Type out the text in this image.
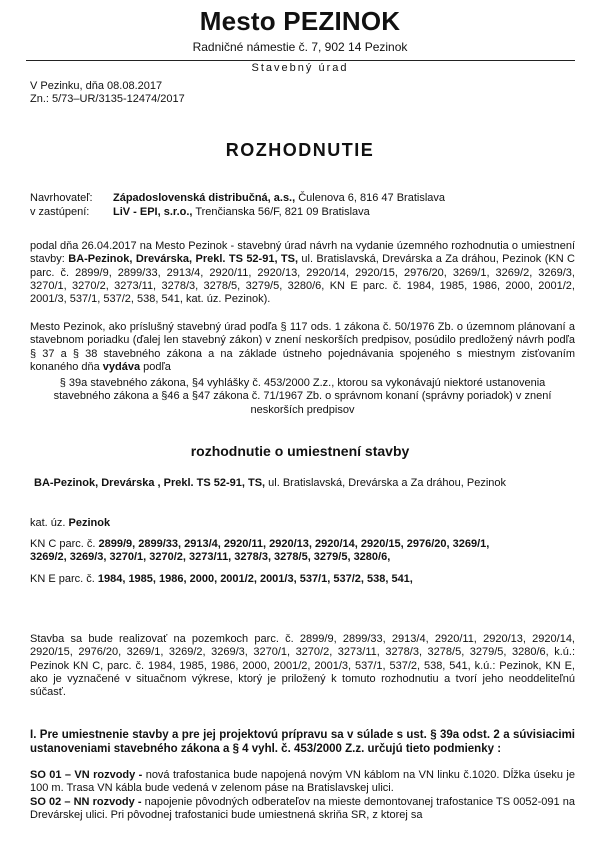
Mesto PEZINOK
Radničné námestie č. 7, 902 14 Pezinok
Stavebný úrad
V Pezinku, dňa 08.08.2017
Zn.: 5/73–UR/3135-12474/2017
ROZHODNUTIE
Navrhovateľ: Západoslovenská distribučná, a.s., Čulenova 6, 816 47 Bratislava
v zastúpení: LiV - EPI, s.r.o., Trenčianska 56/F, 821 09 Bratislava
podal dňa 26.04.2017 na Mesto Pezinok - stavebný úrad návrh na vydanie územného rozhodnutia o umiestnení stavby: BA-Pezinok, Drevárska, Prekl. TS 52-91, TS, ul. Bratislavská, Drevárska a Za dráhou, Pezinok (KN C parc. č. 2899/9, 2899/33, 2913/4, 2920/11, 2920/13, 2920/14, 2920/15, 2976/20, 3269/1, 3269/2, 3269/3, 3270/1, 3270/2, 3273/11, 3278/3, 3278/5, 3279/5, 3280/6, KN E parc. č. 1984, 1985, 1986, 2000, 2001/2, 2001/3, 537/1, 537/2, 538, 541, kat. úz. Pezinok).
Mesto Pezinok, ako príslušný stavebný úrad podľa § 117 ods. 1 zákona č. 50/1976 Zb. o územnom plánovaní a stavebnom poriadku (ďalej len stavebný zákon) v znení neskorších predpisov, posúdilo predložený návrh podľa § 37 a § 38 stavebného zákona a na základe ústneho pojednávania spojeného s miestnym zisťovaním konaného dňa vydáva podľa
§ 39a stavebného zákona, §4 vyhlášky č. 453/2000 Z.z., ktorou sa vykonávajú niektoré ustanovenia stavebného zákona a §46 a §47 zákona č. 71/1967 Zb. o správnom konaní (správny poriadok) v znení neskorších predpisov
rozhodnutie o umiestnení stavby
BA-Pezinok, Drevárska , Prekl. TS 52-91, TS, ul. Bratislavská, Drevárska a Za dráhou, Pezinok
kat. úz. Pezinok
KN C parc. č. 2899/9, 2899/33, 2913/4, 2920/11, 2920/13, 2920/14, 2920/15, 2976/20, 3269/1,
3269/2, 3269/3, 3270/1, 3270/2, 3273/11, 3278/3, 3278/5, 3279/5, 3280/6,
KN E parc. č. 1984, 1985, 1986, 2000, 2001/2, 2001/3, 537/1, 537/2, 538, 541,
Stavba sa bude realizovať na pozemkoch parc. č. 2899/9, 2899/33, 2913/4, 2920/11, 2920/13, 2920/14, 2920/15, 2976/20, 3269/1, 3269/2, 3269/3, 3270/1, 3270/2, 3273/11, 3278/3, 3278/5, 3279/5, 3280/6, k.ú.: Pezinok KN C, parc. č. 1984, 1985, 1986, 2000, 2001/2, 2001/3, 537/1, 537/2, 538, 541, k.ú.: Pezinok, KN E, ako je vyznačené v situačnom výkrese, ktorý je priložený k tomuto rozhodnutiu a tvorí jeho neoddeliteľnú súčasť.
I. Pre umiestnenie stavby a pre jej projektovú prípravu sa v súlade s ust. § 39a odst. 2 a súvisiacimi ustanoveniami stavebného zákona a § 4 vyhl. č. 453/2000 Z.z. určujú tieto podmienky :
SO 01 – VN rozvody - nová trafostanica bude napojená novým VN káblom na VN linku č.1020. Dĺžka úseku je 100 m. Trasa VN kábla bude vedená v zelenom páse na Bratislavskej ulici.
SO 02 – NN rozvody - napojenie pôvodných odberateľov na mieste demontovanej trafostanice TS 0052-091 na Drevárskej ulici. Pri pôvodnej trafostanici bude umiestnená skriňa SR, z ktorej sa
